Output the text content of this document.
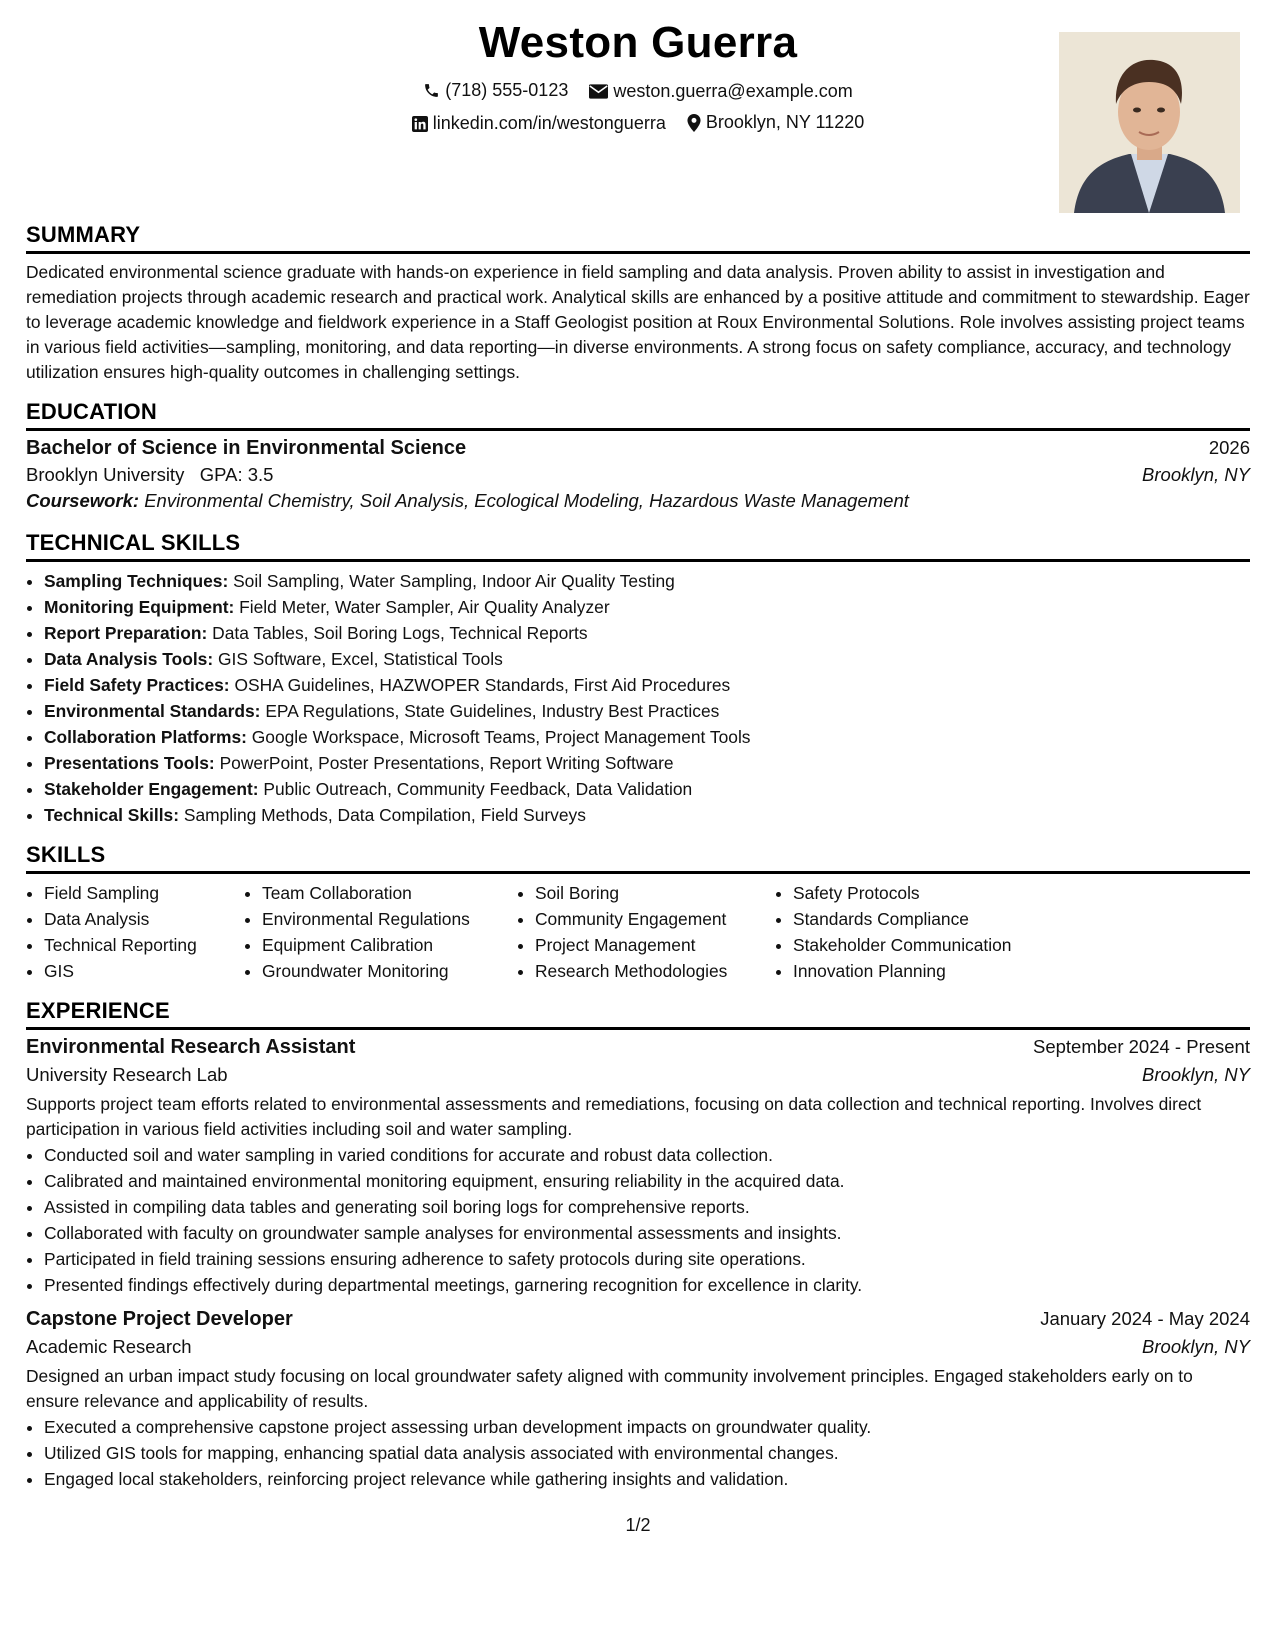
Weston Guerra
(718) 555-0123
	weston.guerra@example.com
linkedin.com/in/westonguerra
Brooklyn, NY 11220
SUMMARY
Dedicated environmental science graduate with hands-on experience in field sampling and data analysis. Proven ability to assist in investigation and remediation projects through academic research and practical work. Analytical skills are enhanced by a positive attitude and commitment to stewardship. Eager to leverage academic knowledge and fieldwork experience in a Staff Geologist position at Roux Environmental Solutions. Role involves assisting project teams in various field activities—sampling, monitoring, and data reporting—in diverse environments. A strong focus on safety compliance, accuracy, and technology utilization ensures high-quality outcomes in challenging settings.
EDUCATION
Bachelor of Science in Environmental Science	2026
Brooklyn University GPA: 3.5	Brooklyn, NY
Coursework: Environmental Chemistry, Soil Analysis, Ecological Modeling, Hazardous Waste Management
TECHNICAL SKILLS
• Sampling Techniques: Soil Sampling, Water Sampling, Indoor Air Quality Testing
• Monitoring Equipment: Field Meter, Water Sampler, Air Quality Analyzer
• Report Preparation: Data Tables, Soil Boring Logs, Technical Reports
• Data Analysis Tools: GIS Software, Excel, Statistical Tools
• Field Safety Practices: OSHA Guidelines, HAZWOPER Standards, First Aid Procedures
• Environmental Standards: EPA Regulations, State Guidelines, Industry Best Practices
• Collaboration Platforms: Google Workspace, Microsoft Teams, Project Management Tools
• Presentations Tools: PowerPoint, Poster Presentations, Report Writing Software
• Stakeholder Engagement: Public Outreach, Community Feedback, Data Validation
• Technical Skills: Sampling Methods, Data Compilation, Field Surveys
SKILLS
• Field Sampling
• Data Analysis
• Technical Reporting
• GIS
• Team Collaboration
• Environmental Regulations
• Equipment Calibration
• Groundwater Monitoring
• Soil Boring
• Community Engagement
• Project Management
• Research Methodologies
• Safety Protocols
• Standards Compliance
• Stakeholder Communication
• Innovation Planning
EXPERIENCE
Environmental Research Assistant	September 2024 - Present
University Research Lab	Brooklyn, NY
Supports project team efforts related to environmental assessments and remediations, focusing on data collection and technical reporting. Involves direct participation in various field activities including soil and water sampling.
• Conducted soil and water sampling in varied conditions for accurate and robust data collection.
• Calibrated and maintained environmental monitoring equipment, ensuring reliability in the acquired data.
• Assisted in compiling data tables and generating soil boring logs for comprehensive reports.
• Collaborated with faculty on groundwater sample analyses for environmental assessments and insights.
• Participated in field training sessions ensuring adherence to safety protocols during site operations.
• Presented findings effectively during departmental meetings, garnering recognition for excellence in clarity.
Capstone Project Developer	January 2024 - May 2024
Academic Research	Brooklyn, NY
Designed an urban impact study focusing on local groundwater safety aligned with community involvement principles. Engaged stakeholders early on to ensure relevance and applicability of results.
• Executed a comprehensive capstone project assessing urban development impacts on groundwater quality.
• Utilized GIS tools for mapping, enhancing spatial data analysis associated with environmental changes.
• Engaged local stakeholders, reinforcing project relevance while gathering insights and validation.
1/2
